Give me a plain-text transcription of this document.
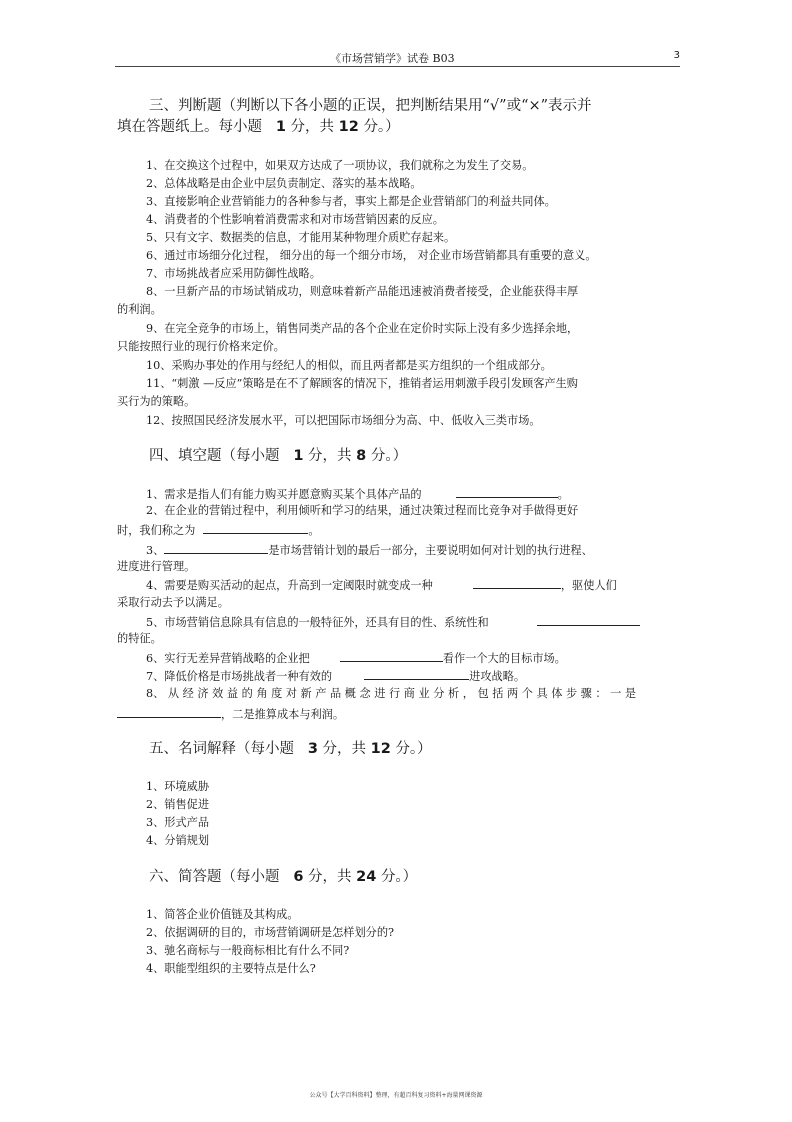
《市场营销学》试卷 B03	3
三、判断题（判断以下各小题的正误，把判断结果用“√”或“×”表示并
填在答题纸上。每小题 1 分，共 12 分。）
1、在交换这个过程中，如果双方达成了一项协议，我们就称之为发生了交易。
2、总体战略是由企业中层负责制定、落实的基本战略。
3、直接影响企业营销能力的各种参与者，事实上都是企业营销部门的利益共同体。
4、消费者的个性影响着消费需求和对市场营销因素的反应。
5、只有文字、数据类的信息，才能用某种物理介质贮存起来。
6、通过市场细分化过程， 细分出的每一个细分市场， 对企业市场营销都具有重要的意义。
7、市场挑战者应采用防御性战略。
8、一旦新产品的市场试销成功，则意味着新产品能迅速被消费者接受，企业能获得丰厚
的利润。
9、在完全竞争的市场上，销售同类产品的各个企业在定价时实际上没有多少选择余地，
只能按照行业的现行价格来定价。
10、采购办事处的作用与经纪人的相似，而且两者都是买方组织的一个组成部分。
11、“刺激 —反应”策略是在不了解顾客的情况下，推销者运用刺激手段引发顾客产生购
买行为的策略。
12、按照国民经济发展水平，可以把国际市场细分为高、中、低收入三类市场。
四、填空题（每小题 1 分，共 8 分。）
1、需求是指人们有能力购买并愿意购买某个具体产品的	。
2、在企业的营销过程中，利用倾听和学习的结果，通过决策过程而比竞争对手做得更好
时，我们称之为	。
3、	是市场营销计划的最后一部分，主要说明如何对计划的执行进程、
进度进行管理。
4、需要是购买活动的起点，升高到一定阈限时就变成一种	，驱使人们
采取行动去予以满足。
5、市场营销信息除具有信息的一般特征外，还具有目的性、系统性和
的特征。
6、实行无差异营销战略的企业把	看作一个大的目标市场。
7、降低价格是市场挑战者一种有效的	进攻战略。
8、 从 经 济 效 益 的 角 度 对 新 产 品 概 念 进 行 商 业 分 析 ， 包 括 两 个 具 体 步 骤 ： 一 是
，二是推算成本与利润。
五、名词解释（每小题 3 分，共 12 分。）
1、环境威胁
2、销售促进
3、形式产品
4、分销规划
六、简答题（每小题 6 分，共 24 分。）
1、简答企业价值链及其构成。
2、依据调研的目的，市场营销调研是怎样划分的?
3、驰名商标与一般商标相比有什么不同?
4、职能型组织的主要特点是什么?
公众号【大学百科资料】整理，有超百科复习资料+海量网课资源
